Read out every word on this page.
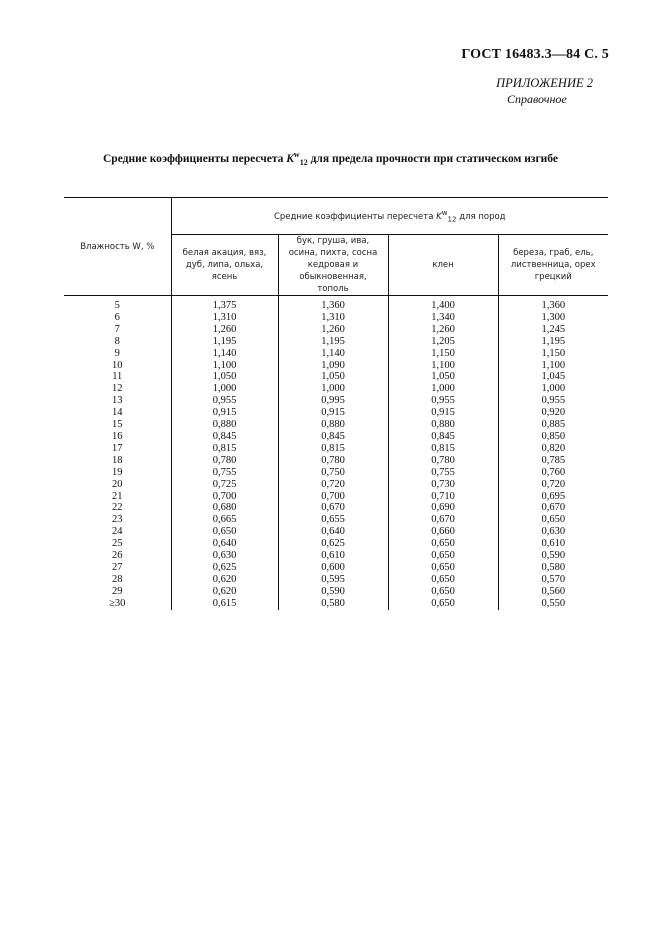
ГОСТ 16483.3—84 С. 5
ПРИЛОЖЕНИЕ 2
Справочное
Средние коэффициенты пересчета $K^w_{12}$ для предела прочности при статическом изгибе
Влажность W, %	Средние коэффициенты пересчета $K^w_{12}$ для пород			
	белая акация, вяз, дуб, липа, ольха, ясень	бук, груша, ива, осина, пихта, сосна кедровая и обыкновенная, тополь	клен	береза, граб, ель, лиственница, орех грецкий
5	1,375	1,360	1,400	1,360
6	1,310	1,310	1,340	1,300
7	1,260	1,260	1,260	1,245
8	1,195	1,195	1,205	1,195
9	1,140	1,140	1,150	1,150
10	1,100	1,090	1,100	1,100
11	1,050	1,050	1,050	1,045
12	1,000	1,000	1,000	1,000
13	0,955	0,995	0,955	0,955
14	0,915	0,915	0,915	0,920
15	0,880	0,880	0,880	0,885
16	0,845	0,845	0,845	0,850
17	0,815	0,815	0,815	0,820
18	0,780	0,780	0,780	0,785
19	0,755	0,750	0,755	0,760
20	0,725	0,720	0,730	0,720
21	0,700	0,700	0,710	0,695
22	0,680	0,670	0,690	0,670
23	0,665	0,655	0,670	0,650
24	0,650	0,640	0,660	0,630
25	0,640	0,625	0,650	0,610
26	0,630	0,610	0,650	0,590
27	0,625	0,600	0,650	0,580
28	0,620	0,595	0,650	0,570
29	0,620	0,590	0,650	0,560
≥30	0,615	0,580	0,650	0,550
